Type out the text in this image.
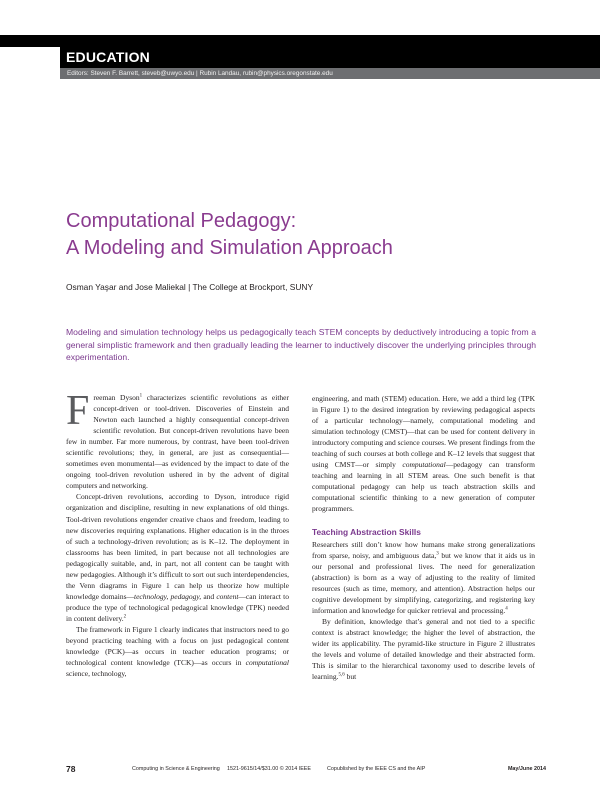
EDUCATION
Editors: Steven F. Barrett, steveb@uwyo.edu | Rubin Landau, rubin@physics.oregonstate.edu
Computational Pedagogy:
A Modeling and Simulation Approach
Osman Yaşar and Jose Maliekal | The College at Brockport, SUNY
Modeling and simulation technology helps us pedagogically teach STEM concepts by deductively introducing a topic from a general simplistic framework and then gradually leading the learner to inductively discover the underlying principles through experimentation.

Freeman Dyson$^1$ characterizes scientific revolutions as either concept-driven or tool-driven. Discoveries of Einstein and Newton each launched a highly consequential concept-driven scientific revolution. But concept-driven revolutions have been few in number. Far more numerous, by contrast, have been tool-driven scientific revolutions; they, in general, are just as consequential—sometimes even monumental—as evidenced by the impact to date of the ongoing tool-driven revolution ushered in by the advent of digital computers and networking.

Concept-driven revolutions, according to Dyson, introduce rigid organization and discipline, resulting in new explanations of old things. Tool-driven revolutions engender creative chaos and freedom, leading to new discoveries requiring explanations. Higher education is in the throes of such a technology-driven revolution; as is K–12. The deployment in classrooms has been limited, in part because not all technologies are pedagogically suitable, and, in part, not all content can be taught with new pedagogies. Although it’s difficult to sort out such interdependencies, the Venn diagrams in Figure 1 can help us theorize how multiple knowledge domains—technology, pedagogy, and content—can interact to produce the type of technological pedagogical knowledge (TPK) needed in content delivery.$^2$

The framework in Figure 1 clearly indicates that instructors need to go beyond practicing teaching with a focus on just pedagogical content knowledge (PCK)—as occurs in teacher education programs; or technological content knowledge (TCK)—as occurs in computational science, technology,

engineering, and math (STEM) education. Here, we add a third leg (TPK in Figure 1) to the desired integration by reviewing pedagogical aspects of a particular technology—namely, computational modeling and simulation technology (CMST)—that can be used for content delivery in introductory computing and science courses. We present findings from the teaching of such courses at both college and K–12 levels that suggest that using CMST—or simply computational—pedagogy can transform teaching and learning in all STEM areas. One such benefit is that computational pedagogy can help us teach abstraction skills and computational scientific thinking to a new generation of computer programmers.

Teaching Abstraction Skills

Researchers still don’t know how humans make strong generalizations from sparse, noisy, and ambiguous data,$^3$ but we know that it aids us in our personal and professional lives. The need for generalization (abstraction) is born as a way of adjusting to the reality of limited resources (such as time, memory, and attention). Abstraction helps our cognitive development by simplifying, categorizing, and registering key information and knowledge for quicker retrieval and processing.$^4$

By definition, knowledge that’s general and not tied to a specific context is abstract knowledge; the higher the level of abstraction, the wider its applicability. The pyramid-like structure in Figure 2 illustrates the levels and volume of detailed knowledge and their abstracted form. This is similar to the hierarchical taxonomy used to describe levels of learning.$^{5,6}$ but

78	Computing in Science & Engineering 1521-9615/14/$31.00 © 2014 IEEE	Copublished by the IEEE CS and the AIP	May/June 2014
